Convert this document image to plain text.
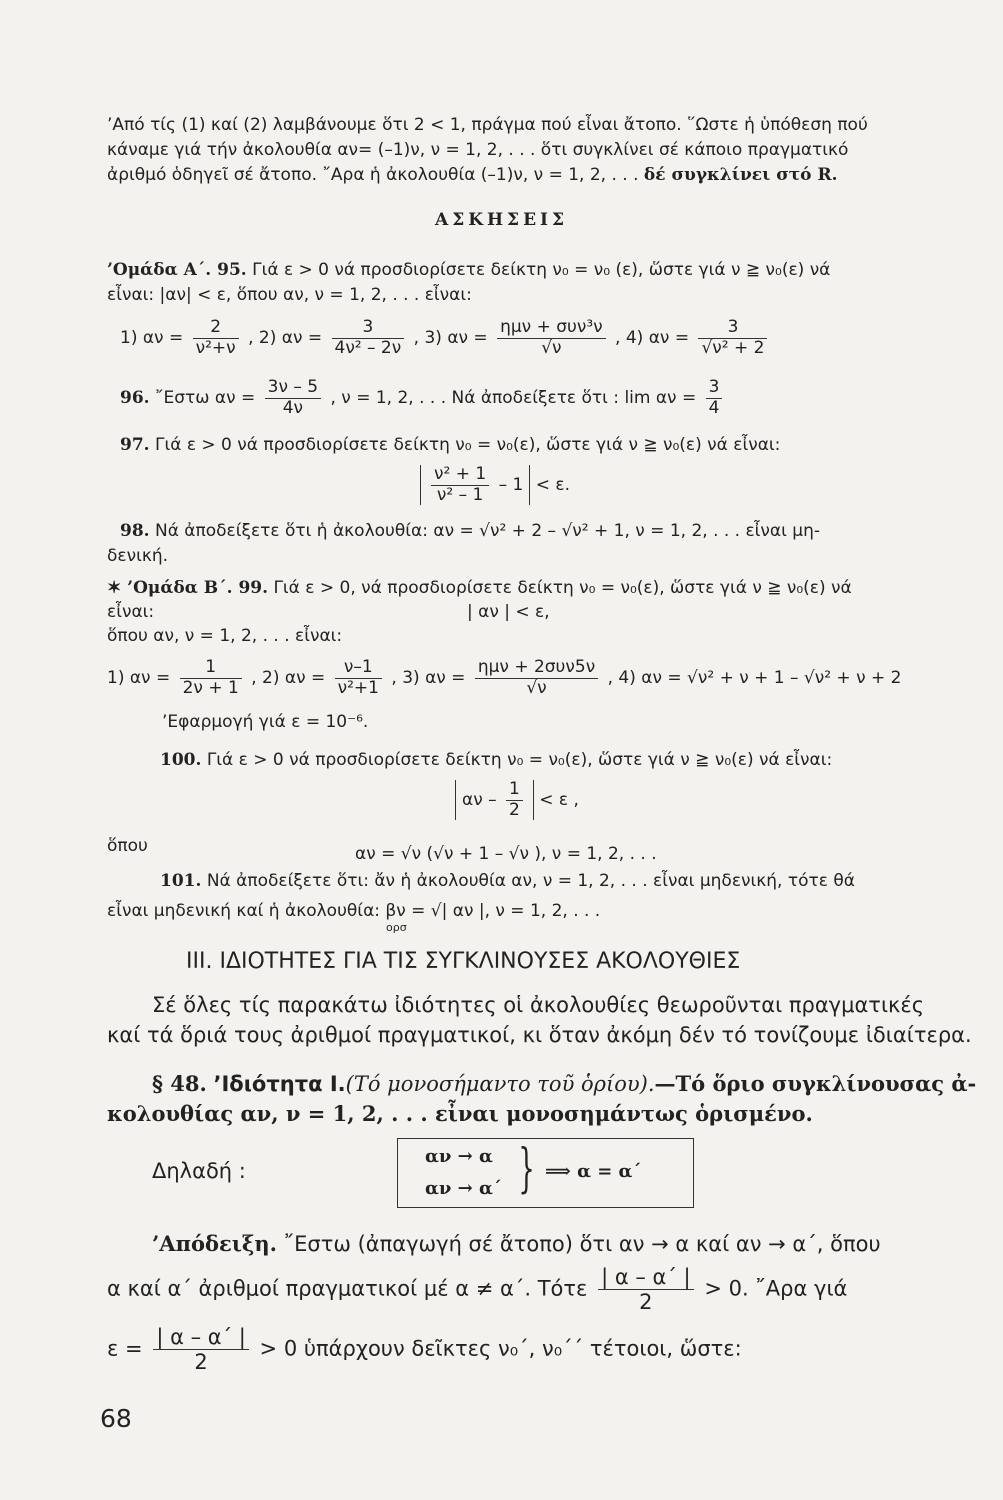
’Από τίς (1) καί (2) λαμβάνουμε ὅτι 2 < 1, πράγμα πού εἶναι ἄτοπο. ῞Ωστε ἡ ὑπόθεση πού
κάναμε γιά τήν ἀκολουθία αν= (–1)ν, ν = 1, 2, . . . ὅτι συγκλίνει σέ κάποιο πραγματικό
ἀριθμό ὁδηγεῖ σέ ἄτοπο. ῎Αρα ἡ ἀκολουθία (–1)ν, ν = 1, 2, . . . δέ συγκλίνει στό R.
ΑΣΚΗΣΕΙΣ
’Ομάδα Α΄. 95. Γιά ε > 0 νά προσδιορίσετε δείκτη ν₀ = ν₀ (ε), ὥστε γιά ν ≧ ν₀(ε) νά
εἶναι: |αν| < ε, ὅπου αν, ν = 1, 2, . . . εἶναι:
1) $\alpha\nu = \frac{2}{\text{ν²+ν}}$ , 2) $\alpha\nu = \frac{3}{\text{4ν² – 2ν}}$ , 3) $\alpha\nu = \frac{\text{ημν + συν³ν}}{√\nu}$ , 4) $\alpha\nu = \frac{3}{\text{√ν² + 2}}$
96. ῎Εστω $\alpha\nu = \frac{3\nu - 5}{4\nu}$ , ν = 1, 2, . . . Νά ἀποδείξετε ὅτι : $\lim \alpha\nu = \frac{3}{4}$
97. Γιά ε > 0 νά προσδιορίσετε δείκτη ν₀ = ν₀(ε), ὥστε γιά ν ≧ ν₀(ε) νά εἶναι:
$\frac{\text{ν² + 1}}{\text{ν² – 1}} - 1 < \varepsilon$.
98. Νά ἀποδείξετε ὅτι ἡ ἀκολουθία: αν = √ν² + 2 – √ν² + 1, ν = 1, 2, . . . εἶναι μη-
δενική.
✶ ’Ομάδα Β΄. 99. Γιά ε > 0, νά προσδιορίσετε δείκτη ν₀ = ν₀(ε), ὥστε γιά ν ≧ ν₀(ε) νά
εἶναι:	| αν | < ε,
ὅπου αν, ν = 1, 2, . . . εἶναι:
1) $\alpha\nu = \frac{1}{2\nu + 1}$ , 2) $\alpha\nu = \frac{\nu-1}{\text{ν²+1}}$ , 3) $\alpha\nu = \frac{\text{ημν + 2συν5ν}}{√\nu}$ , 4) αν = √ν² + ν + 1 – √ν² + ν + 2
’Εφαρμογή γιά ε = 10⁻⁶.
100. Γιά ε > 0 νά προσδιορίσετε δείκτη ν₀ = ν₀(ε), ὥστε γιά ν ≧ ν₀(ε) νά εἶναι:
$\alpha\nu - \frac{1}{2} < \varepsilon$ ,
ὅπου	αν = √ν (√ν + 1 – √ν ), ν = 1, 2, . . .
101. Νά ἀποδείξετε ὅτι: ἄν ἡ ἀκολουθία αν, ν = 1, 2, . . . εἶναι μηδενική, τότε θά
εἶναι μηδενική καί ἡ ἀκολουθία: βν = √| αν |, ν = 1, 2, . . .
ορσ
ΙΙΙ. ΙΔΙΟΤΗΤΕΣ ΓΙΑ ΤΙΣ ΣΥΓΚΛΙΝΟΥΣΕΣ ΑΚΟΛΟΥΘΙΕΣ
Σέ ὅλες τίς παρακάτω ἰδιότητες οἱ ἀκολουθίες θεωροῦνται πραγματικές
καί τά ὅριά τους ἀριθμοί πραγματικοί, κι ὅταν ἀκόμη δέν τό τονίζουμε ἰδιαίτερα.
§ 48. ’Ιδιότητα Ι.(Τό μονοσήμαντο τοῦ ὁρίου).—Τό ὅριο συγκλίνουσας ἀ-
κολουθίας αν, ν = 1, 2, . . . εἶναι μονοσημάντως ὁρισμένο.
Δηλαδή :
αν → α
αν → α΄ } ⟹ α = α΄
’Απόδειξη. ῎Εστω (ἀπαγωγή σέ ἄτοπο) ὅτι αν → α καί αν → α΄, ὅπου
α καί α΄ ἀριθμοί πραγματικοί μέ α ≠ α΄. Τότε $\frac{| \alpha - \alpha΄ |}{2} > 0$. ῎Αρα γιά
$\varepsilon = \frac{| \alpha - \alpha΄ |}{2} > 0$ ὑπάρχουν δεῖκτες ν₀΄, ν₀΄΄ τέτοιοι, ὥστε:
68
